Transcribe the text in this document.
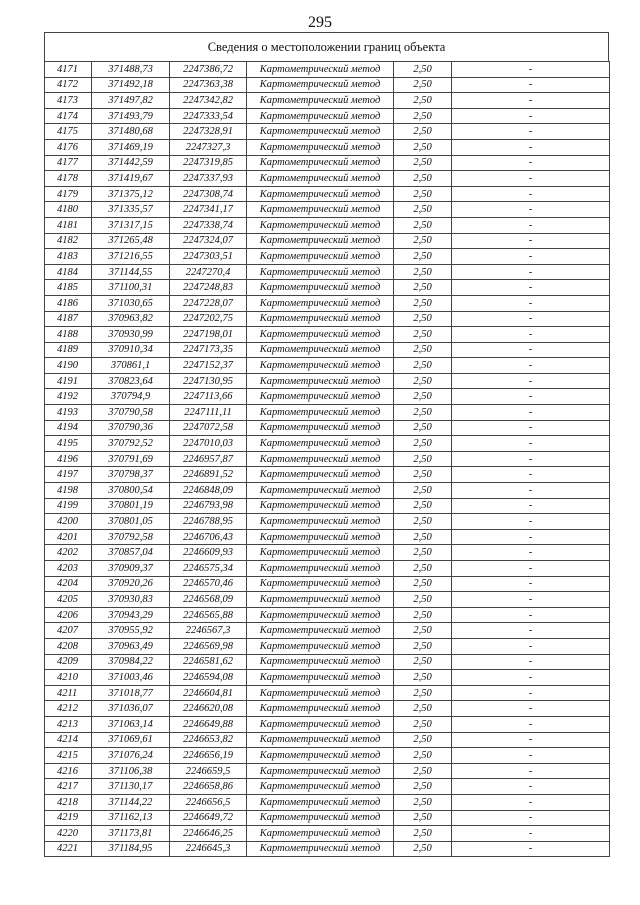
295
Сведения о местоположении границ объекта
4171	371488,73	2247386,72	Картометрический метод	2,50	-
4172	371492,18	2247363,38	Картометрический метод	2,50	-
4173	371497,82	2247342,82	Картометрический метод	2,50	-
4174	371493,79	2247333,54	Картометрический метод	2,50	-
4175	371480,68	2247328,91	Картометрический метод	2,50	-
4176	371469,19	2247327,3	Картометрический метод	2,50	-
4177	371442,59	2247319,85	Картометрический метод	2,50	-
4178	371419,67	2247337,93	Картометрический метод	2,50	-
4179	371375,12	2247308,74	Картометрический метод	2,50	-
4180	371335,57	2247341,17	Картометрический метод	2,50	-
4181	371317,15	2247338,74	Картометрический метод	2,50	-
4182	371265,48	2247324,07	Картометрический метод	2,50	-
4183	371216,55	2247303,51	Картометрический метод	2,50	-
4184	371144,55	2247270,4	Картометрический метод	2,50	-
4185	371100,31	2247248,83	Картометрический метод	2,50	-
4186	371030,65	2247228,07	Картометрический метод	2,50	-
4187	370963,82	2247202,75	Картометрический метод	2,50	-
4188	370930,99	2247198,01	Картометрический метод	2,50	-
4189	370910,34	2247173,35	Картометрический метод	2,50	-
4190	370861,1	2247152,37	Картометрический метод	2,50	-
4191	370823,64	2247130,95	Картометрический метод	2,50	-
4192	370794,9	2247113,66	Картометрический метод	2,50	-
4193	370790,58	2247111,11	Картометрический метод	2,50	-
4194	370790,36	2247072,58	Картометрический метод	2,50	-
4195	370792,52	2247010,03	Картометрический метод	2,50	-
4196	370791,69	2246957,87	Картометрический метод	2,50	-
4197	370798,37	2246891,52	Картометрический метод	2,50	-
4198	370800,54	2246848,09	Картометрический метод	2,50	-
4199	370801,19	2246793,98	Картометрический метод	2,50	-
4200	370801,05	2246788,95	Картометрический метод	2,50	-
4201	370792,58	2246706,43	Картометрический метод	2,50	-
4202	370857,04	2246609,93	Картометрический метод	2,50	-
4203	370909,37	2246575,34	Картометрический метод	2,50	-
4204	370920,26	2246570,46	Картометрический метод	2,50	-
4205	370930,83	2246568,09	Картометрический метод	2,50	-
4206	370943,29	2246565,88	Картометрический метод	2,50	-
4207	370955,92	2246567,3	Картометрический метод	2,50	-
4208	370963,49	2246569,98	Картометрический метод	2,50	-
4209	370984,22	2246581,62	Картометрический метод	2,50	-
4210	371003,46	2246594,08	Картометрический метод	2,50	-
4211	371018,77	2246604,81	Картометрический метод	2,50	-
4212	371036,07	2246620,08	Картометрический метод	2,50	-
4213	371063,14	2246649,88	Картометрический метод	2,50	-
4214	371069,61	2246653,82	Картометрический метод	2,50	-
4215	371076,24	2246656,19	Картометрический метод	2,50	-
4216	371106,38	2246659,5	Картометрический метод	2,50	-
4217	371130,17	2246658,86	Картометрический метод	2,50	-
4218	371144,22	2246656,5	Картометрический метод	2,50	-
4219	371162,13	2246649,72	Картометрический метод	2,50	-
4220	371173,81	2246646,25	Картометрический метод	2,50	-
4221	371184,95	2246645,3	Картометрический метод	2,50	-
